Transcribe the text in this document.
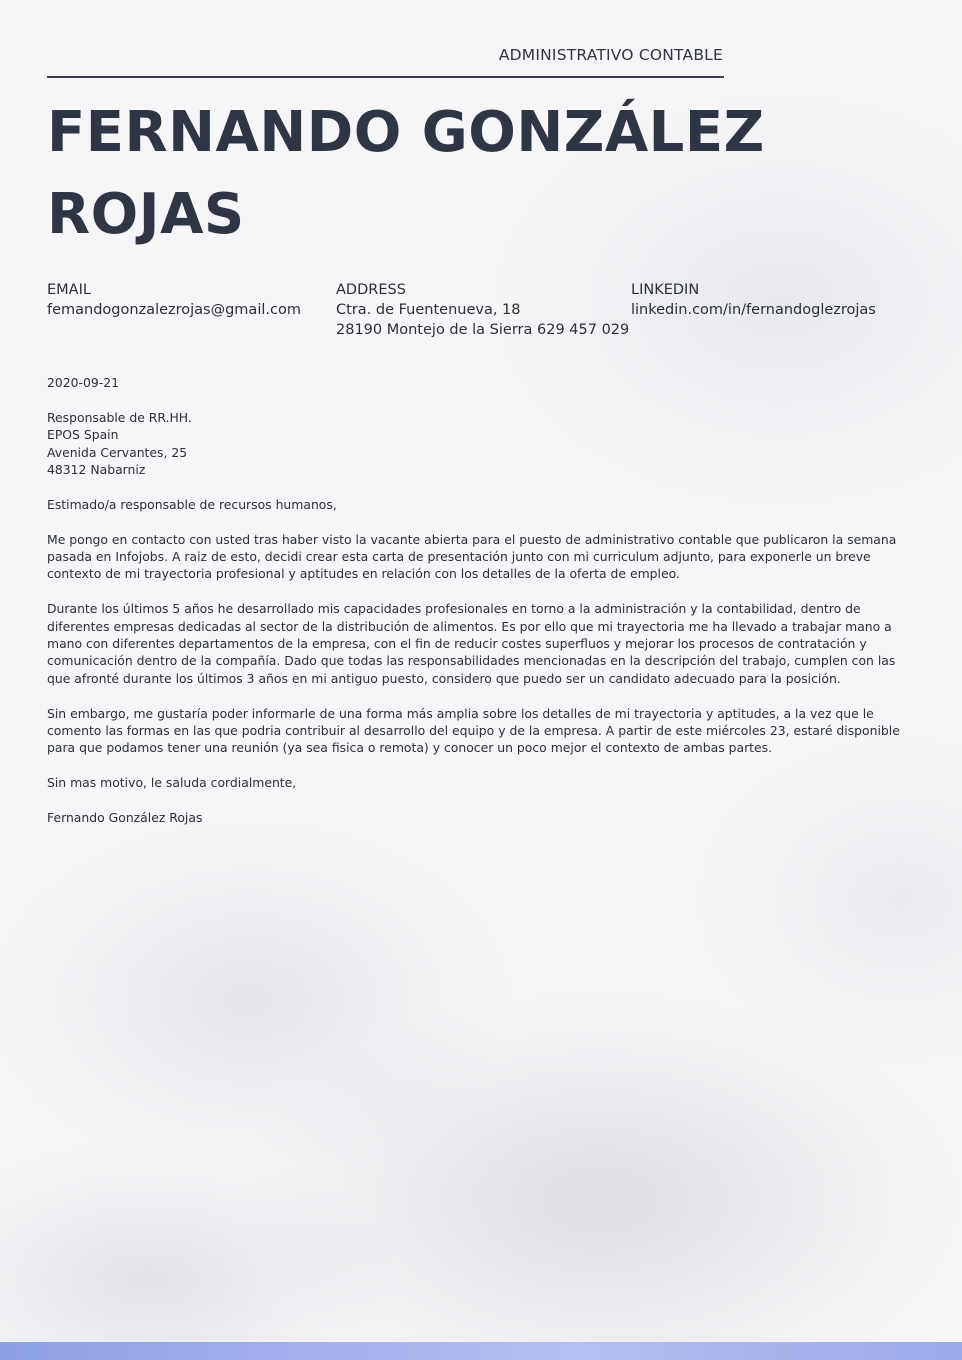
ADMINISTRATIVO CONTABLE
FERNANDO GONZÁLEZ
ROJAS
EMAIL
femandogonzalezrojas@gmail.com
ADDRESS
Ctra. de Fuentenueva, 18
28190 Montejo de la Sierra 629 457 029
LINKEDIN
linkedin.com/in/fernandoglezrojas

2020-09-21

Responsable de RR.HH.
EPOS Spain
Avenida Cervantes, 25
48312 Nabarniz

Estimado/a responsable de recursos humanos,

Me pongo en contacto con usted tras haber visto la vacante abierta para el puesto de administrativo contable que publicaron la semana pasada en Infojobs. A raiz de esto, decidi crear esta carta de presentación junto con mi curriculum adjunto, para exponerle un breve contexto de mi trayectoria profesional y aptitudes en relación con los detalles de la oferta de empleo.

Durante los últimos 5 años he desarrollado mis capacidades profesionales en torno a la administración y la contabilidad, dentro de diferentes empresas dedicadas al sector de la distribución de alimentos. Es por ello que mi trayectoria me ha llevado a trabajar mano a mano con diferentes departamentos de la empresa, con el fin de reducir costes superfluos y mejorar los procesos de contratación y comunicación dentro de la compañía. Dado que todas las responsabilidades mencionadas en la descripción del trabajo, cumplen con las que afronté durante los últimos 3 años en mi antiguo puesto, considero que puedo ser un candidato adecuado para la posición.

Sin embargo, me gustaría poder informarle de una forma más amplia sobre los detalles de mi trayectoria y aptitudes, a la vez que le comento las formas en las que podria contribuir al desarrollo del equipo y de la empresa. A partir de este miércoles 23, estaré disponible para que podamos tener una reunión (ya sea fisica o remota) y conocer un poco mejor el contexto de ambas partes.

Sin mas motivo, le saluda cordialmente,

Fernando González Rojas
